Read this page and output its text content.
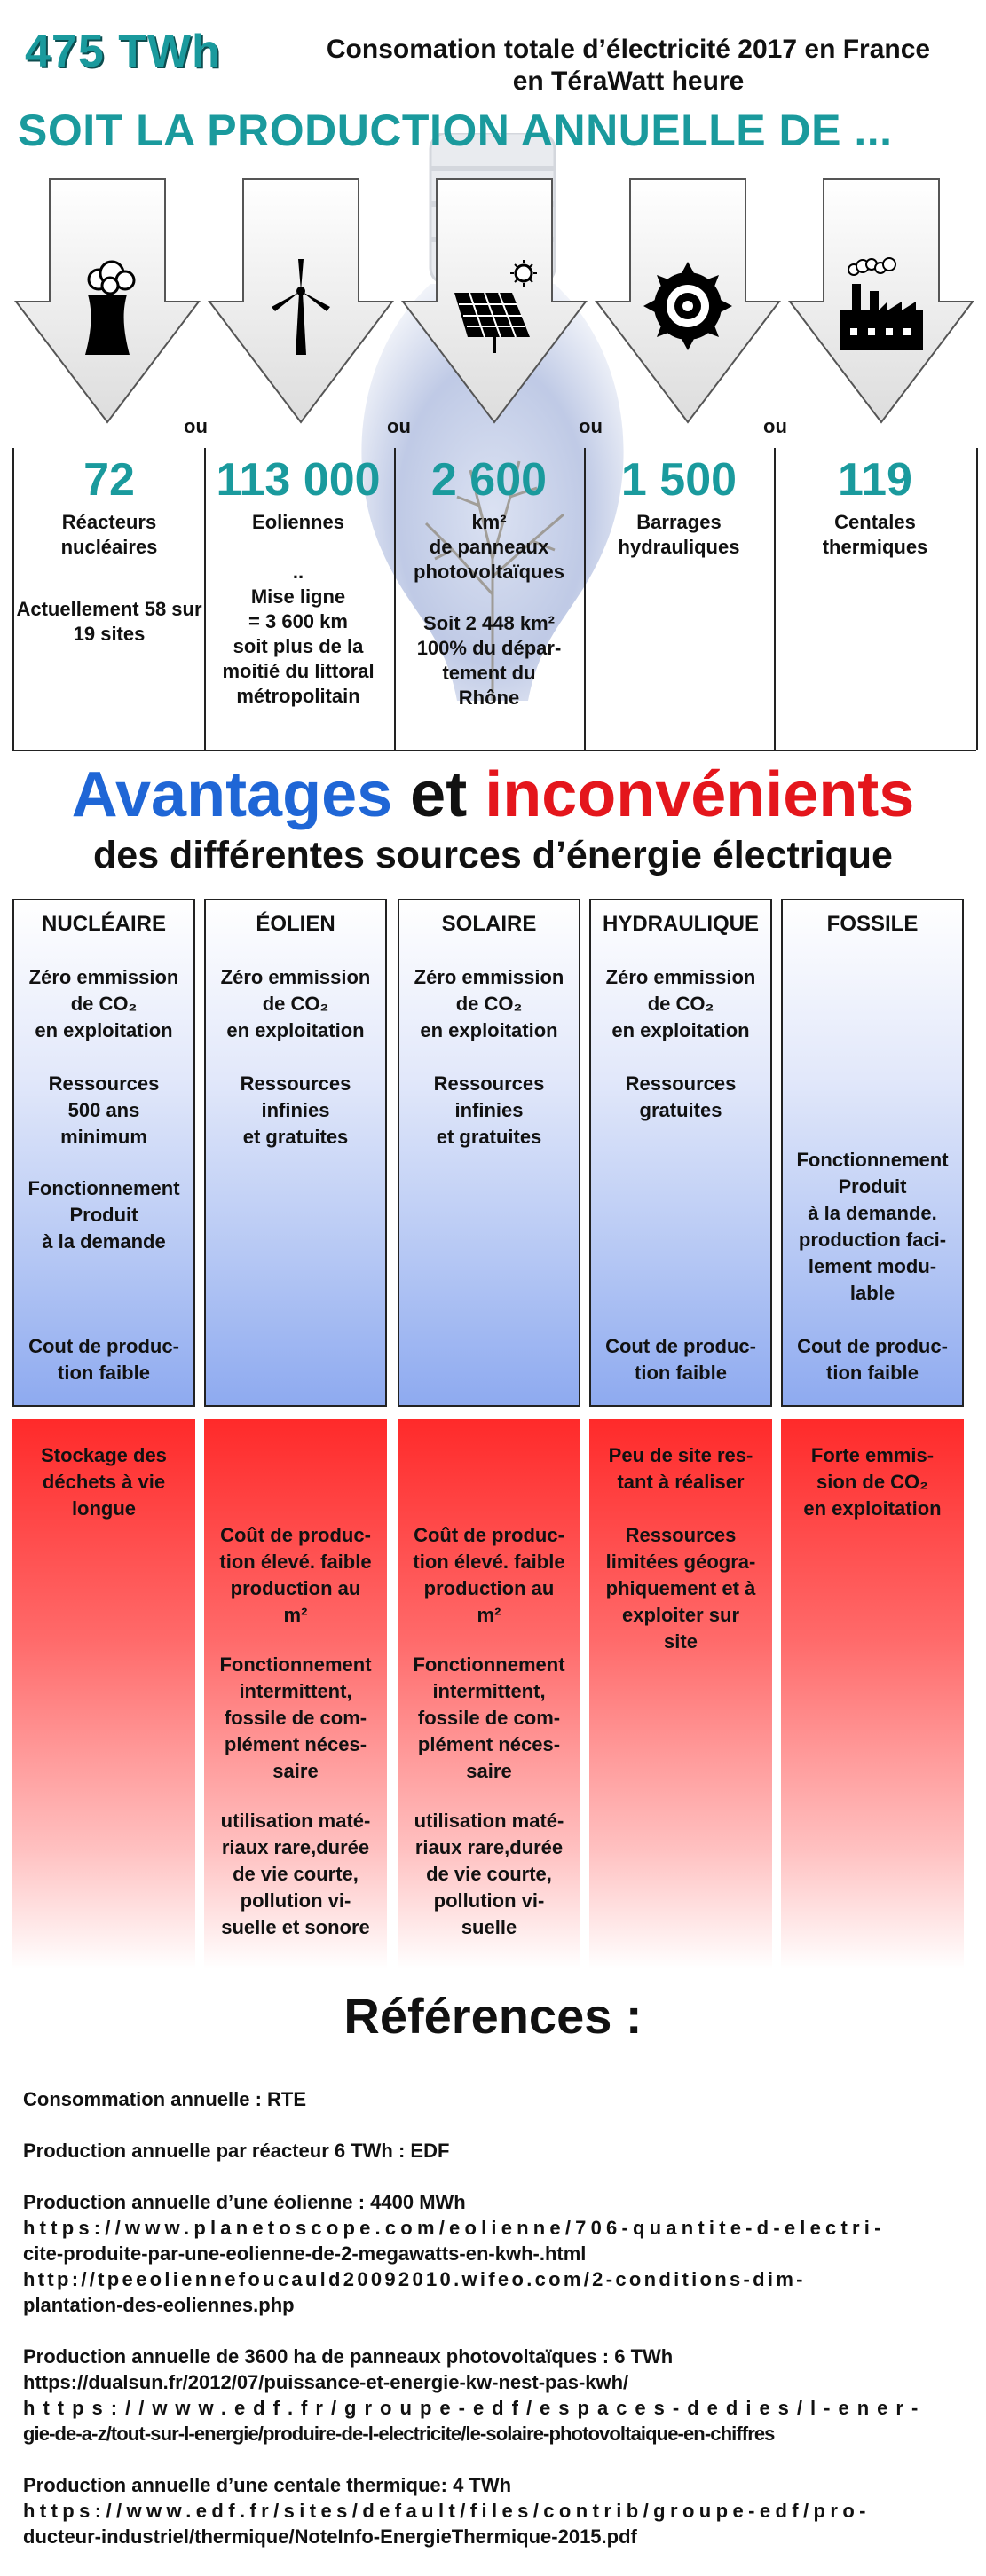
475 TWh	Consomation totale d’électricité 2017 en France
en TéraWatt heure
SOIT LA PRODUCTION ANNUELLE DE ...
ou	ou	ou	ou
72
Réacteurs nucléaires
Actuellement 58 sur 19 sites
113 000
Eoliennes
..
Mise ligne
= 3 600 km
soit plus de la
moitié du littoral
métropolitain
2 600
km²
de panneaux
photovoltaïques
Soit 2 448 km²
100% du dépar-
tement du
Rhône
1 500
Barrages
hydrauliques
119
Centales
thermiques
Avantages et inconvénients
des différentes sources d’énergie électrique
NUCLÉAIRE

Zéro emmission
de CO₂
en exploitation

Ressources
500 ans
minimum

Fonctionnement
Produit
à la demande

Cout de produc-
tion faible

ÉOLIEN

Zéro emmission
de CO₂
en exploitation

Ressources
infinies
et gratuites

SOLAIRE

Zéro emmission
de CO₂
en exploitation

Ressources
infinies
et gratuites

HYDRAULIQUE

Zéro emmission
de CO₂
en exploitation

Ressources
gratuites

Cout de produc-
tion faible

FOSSILE

Fonctionnement
Produit
à la demande.
production faci-
lement modu-
lable

Cout de produc-
tion faible

Stockage des
déchets à vie
longue

Coût de produc-
tion élevé. faible
production au
m²

Fonctionnement
intermittent,
fossile de com-
plément néces-
saire

utilisation maté-
riaux rare,durée
de vie courte,
pollution vi-
suelle et sonore

Coût de produc-
tion élevé. faible
production au
m²

Fonctionnement
intermittent,
fossile de com-
plément néces-
saire

utilisation maté-
riaux rare,durée
de vie courte,
pollution vi-
suelle

Peu de site res-
tant à réaliser

Ressources
limitées géogra-
phiquement et à
exploiter sur
site

Forte emmis-
sion de CO₂
en exploitation

Références :
Consommation annuelle : RTE
Production annuelle par réacteur 6 TWh : EDF
Production annuelle d’une éolienne : 4400 MWh
https://www.planetoscope.com/eolienne/706-quantite-d-electri-
cite-produite-par-une-eolienne-de-2-megawatts-en-kwh-.html
http://tpeeoliennefoucauld20092010.wifeo.com/2-conditions-dim-
plantation-des-eoliennes.php
Production annuelle de 3600 ha de panneaux photovoltaïques : 6 TWh
https://dualsun.fr/2012/07/puissance-et-energie-kw-nest-pas-kwh/
https://www.edf.fr/groupe-edf/espaces-dedies/l-ener-
gie-de-a-z/tout-sur-l-energie/produire-de-l-electricite/le-solaire-photovoltaique-en-chiffres
Production annuelle d’une centale thermique: 4 TWh
https://www.edf.fr/sites/default/files/contrib/groupe-edf/pro-
ducteur-industriel/thermique/NoteInfo-EnergieThermique-2015.pdf
